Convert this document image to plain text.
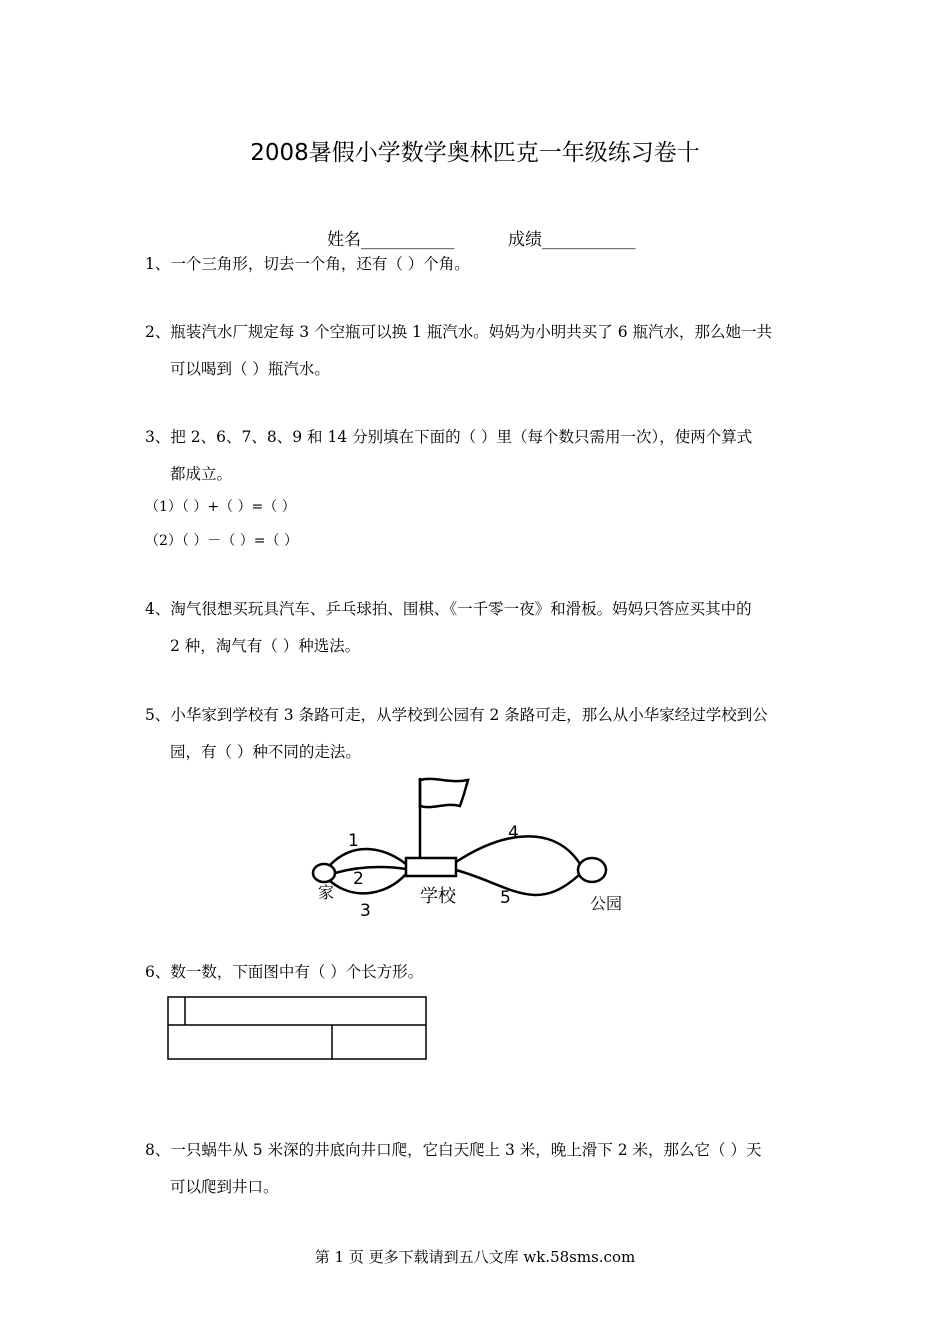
2008暑假小学数学奥林匹克一年级练习卷十
姓名___________	成绩___________
1、一个三角形，切去一个角，还有（ ）个角。
2、瓶装汽水厂规定每 3 个空瓶可以换 1 瓶汽水。妈妈为小明共买了 6 瓶汽水，那么她一共
可以喝到（ ）瓶汽水。
3、把 2、6、7、8、9 和 14 分别填在下面的（ ）里（每个数只需用一次），使两个算式
都成立。
（1）（ ）+（ ）=（ ）
（2）（ ）－（ ）=（ ）
4、淘气很想买玩具汽车、乒乓球拍、围棋、《一千零一夜》和滑板。妈妈只答应买其中的
2 种，淘气有（ ）种选法。
5、小华家到学校有 3 条路可走，从学校到公园有 2 条路可走，那么从小华家经过学校到公
园，有（ ）种不同的走法。
1
2
3
4
5
家	学校	公园
6、数一数，下面图中有（ ）个长方形。
8、一只蜗牛从 5 米深的井底向井口爬，它白天爬上 3 米，晚上滑下 2 米，那么它（ ）天
可以爬到井口。
第 1 页 更多下载请到五八文库 wk.58sms.com
